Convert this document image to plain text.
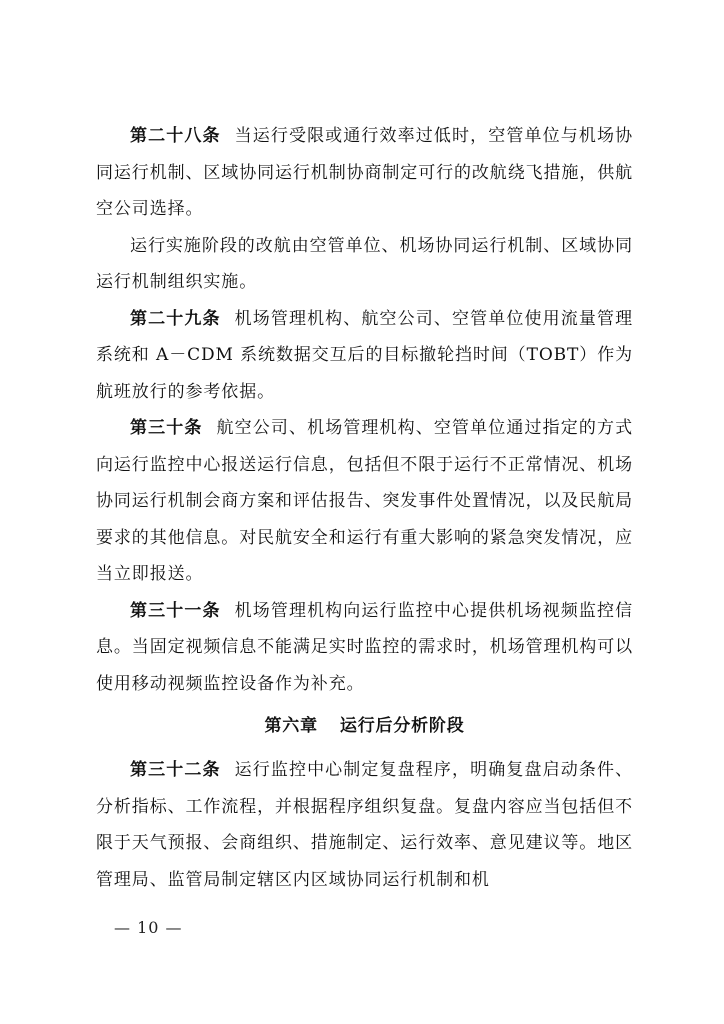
第二十八条 当运行受限或通行效率过低时，空管单位与机场协同运行机制、区域协同运行机制协商制定可行的改航绕飞措施，供航空公司选择。

运行实施阶段的改航由空管单位、机场协同运行机制、区域协同运行机制组织实施。

第二十九条 机场管理机构、航空公司、空管单位使用流量管理系统和 A－CDM 系统数据交互后的目标撤轮挡时间（TOBT）作为航班放行的参考依据。

第三十条 航空公司、机场管理机构、空管单位通过指定的方式向运行监控中心报送运行信息，包括但不限于运行不正常情况、机场协同运行机制会商方案和评估报告、突发事件处置情况，以及民航局要求的其他信息。对民航安全和运行有重大影响的紧急突发情况，应当立即报送。

第三十一条 机场管理机构向运行监控中心提供机场视频监控信息。当固定视频信息不能满足实时监控的需求时，机场管理机构可以使用移动视频监控设备作为补充。

第六章 运行后分析阶段

第三十二条 运行监控中心制定复盘程序，明确复盘启动条件、分析指标、工作流程，并根据程序组织复盘。复盘内容应当包括但不限于天气预报、会商组织、措施制定、运行效率、意见建议等。地区管理局、监管局制定辖区内区域协同运行机制和机

— 10 —
